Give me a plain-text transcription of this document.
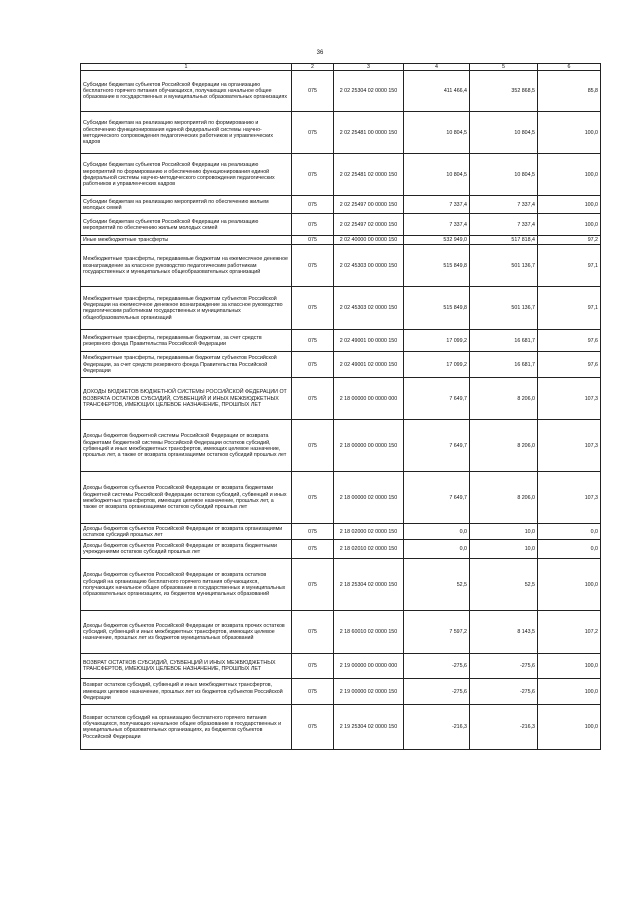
36
1	2	3	4	5	6
Субсидии бюджетам субъектов Российской Федерации на организацию бесплатного горячего питания обучающихся, получающих начальное общее образование в государственных и муниципальных образовательных организациях	075	2 02 25304 02 0000 150	411 466,4	352 868,5	85,8
Субсидии бюджетам на реализацию мероприятий по формированию и обеспечению функционирования единой федеральной системы научно-методического сопровождения педагогических работников и управленческих кадров	075	2 02 25481 00 0000 150	10 804,5	10 804,5	100,0
Субсидии бюджетам субъектов Российской Федерации на реализацию мероприятий по формированию и обеспечению функционирования единой федеральной системы научно-методического сопровождения педагогических работников и управленческих кадров	075	2 02 25481 02 0000 150	10 804,5	10 804,5	100,0
Субсидии бюджетам на реализацию мероприятий по обеспечению жильем молодых семей	075	2 02 25497 00 0000 150	7 337,4	7 337,4	100,0
Субсидии бюджетам субъектов Российской Федерации на реализацию мероприятий по обеспечению жильем молодых семей	075	2 02 25497 02 0000 150	7 337,4	7 337,4	100,0
Иные межбюджетные трансферты	075	2 02 40000 00 0000 150	532 949,0	517 818,4	97,2
Межбюджетные трансферты, передаваемые бюджетам на ежемесячное денежное вознаграждение за классное руководство педагогическим работникам государственных и муниципальных общеобразовательных организаций	075	2 02 45303 00 0000 150	515 849,8	501 136,7	97,1
Межбюджетные трансферты, передаваемые бюджетам субъектов Российской Федерации на ежемесячное денежное вознаграждение за классное руководство педагогическим работникам государственных и муниципальных общеобразовательных организаций	075	2 02 45303 02 0000 150	515 849,8	501 136,7	97,1
Межбюджетные трансферты, передаваемые бюджетам, за счет средств резервного фонда Правительства Российской Федерации	075	2 02 49001 00 0000 150	17 099,2	16 681,7	97,6
Межбюджетные трансферты, передаваемые бюджетам субъектов Российской Федерации, за счет средств резервного фонда Правительства Российской Федерации	075	2 02 49001 02 0000 150	17 099,2	16 681,7	97,6
ДОХОДЫ БЮДЖЕТОВ БЮДЖЕТНОЙ СИСТЕМЫ РОССИЙСКОЙ ФЕДЕРАЦИИ ОТ ВОЗВРАТА ОСТАТКОВ СУБСИДИЙ, СУБВЕНЦИЙ И ИНЫХ МЕЖБЮДЖЕТНЫХ ТРАНСФЕРТОВ, ИМЕЮЩИХ ЦЕЛЕВОЕ НАЗНАЧЕНИЕ, ПРОШЛЫХ ЛЕТ	075	2 18 00000 00 0000 000	7 649,7	8 206,0	107,3
Доходы бюджетов бюджетной системы Российской Федерации от возврата бюджетами бюджетной системы Российской Федерации остатков субсидий, субвенций и иных межбюджетных трансфертов, имеющих целевое назначение, прошлых лет, а также от возврата организациями остатков субсидий прошлых лет	075	2 18 00000 00 0000 150	7 649,7	8 206,0	107,3
Доходы бюджетов субъектов Российской Федерации от возврата бюджетами бюджетной системы Российской Федерации остатков субсидий, субвенций и иных межбюджетных трансфертов, имеющих целевое назначение, прошлых лет, а также от возврата организациями остатков субсидий прошлых лет	075	2 18 00000 02 0000 150	7 649,7	8 206,0	107,3
Доходы бюджетов субъектов Российской Федерации от возврата организациями остатков субсидий прошлых лет	075	2 18 02000 02 0000 150	0,0	10,0	0,0
Доходы бюджетов субъектов Российской Федерации от возврата бюджетными учреждениями остатков субсидий прошлых лет	075	2 18 02010 02 0000 150	0,0	10,0	0,0
Доходы бюджетов субъектов Российской Федерации от возврата остатков субсидий на организацию бесплатного горячего питания обучающихся, получающих начальное общее образование в государственных и муниципальных образовательных организациях, из бюджетов муниципальных образований	075	2 18 25304 02 0000 150	52,5	52,5	100,0
Доходы бюджетов субъектов Российской Федерации от возврата прочих остатков субсидий, субвенций и иных межбюджетных трансфертов, имеющих целевое назначение, прошлых лет из бюджетов муниципальных образований	075	2 18 60010 02 0000 150	7 597,2	8 143,5	107,2
ВОЗВРАТ ОСТАТКОВ СУБСИДИЙ, СУБВЕНЦИЙ И ИНЫХ МЕЖБЮДЖЕТНЫХ ТРАНСФЕРТОВ, ИМЕЮЩИХ ЦЕЛЕВОЕ НАЗНАЧЕНИЕ, ПРОШЛЫХ ЛЕТ	075	2 19 00000 00 0000 000	-275,6	-275,6	100,0
Возврат остатков субсидий, субвенций и иных межбюджетных трансфертов, имеющих целевое назначение, прошлых лет из бюджетов субъектов Российской Федерации	075	2 19 00000 02 0000 150	-275,6	-275,6	100,0
Возврат остатков субсидий на организацию бесплатного горячего питания обучающихся, получающих начальное общее образование в государственных и муниципальных образовательных организациях, из бюджетов субъектов Российской Федерации	075	2 19 25304 02 0000 150	-216,3	-216,3	100,0
